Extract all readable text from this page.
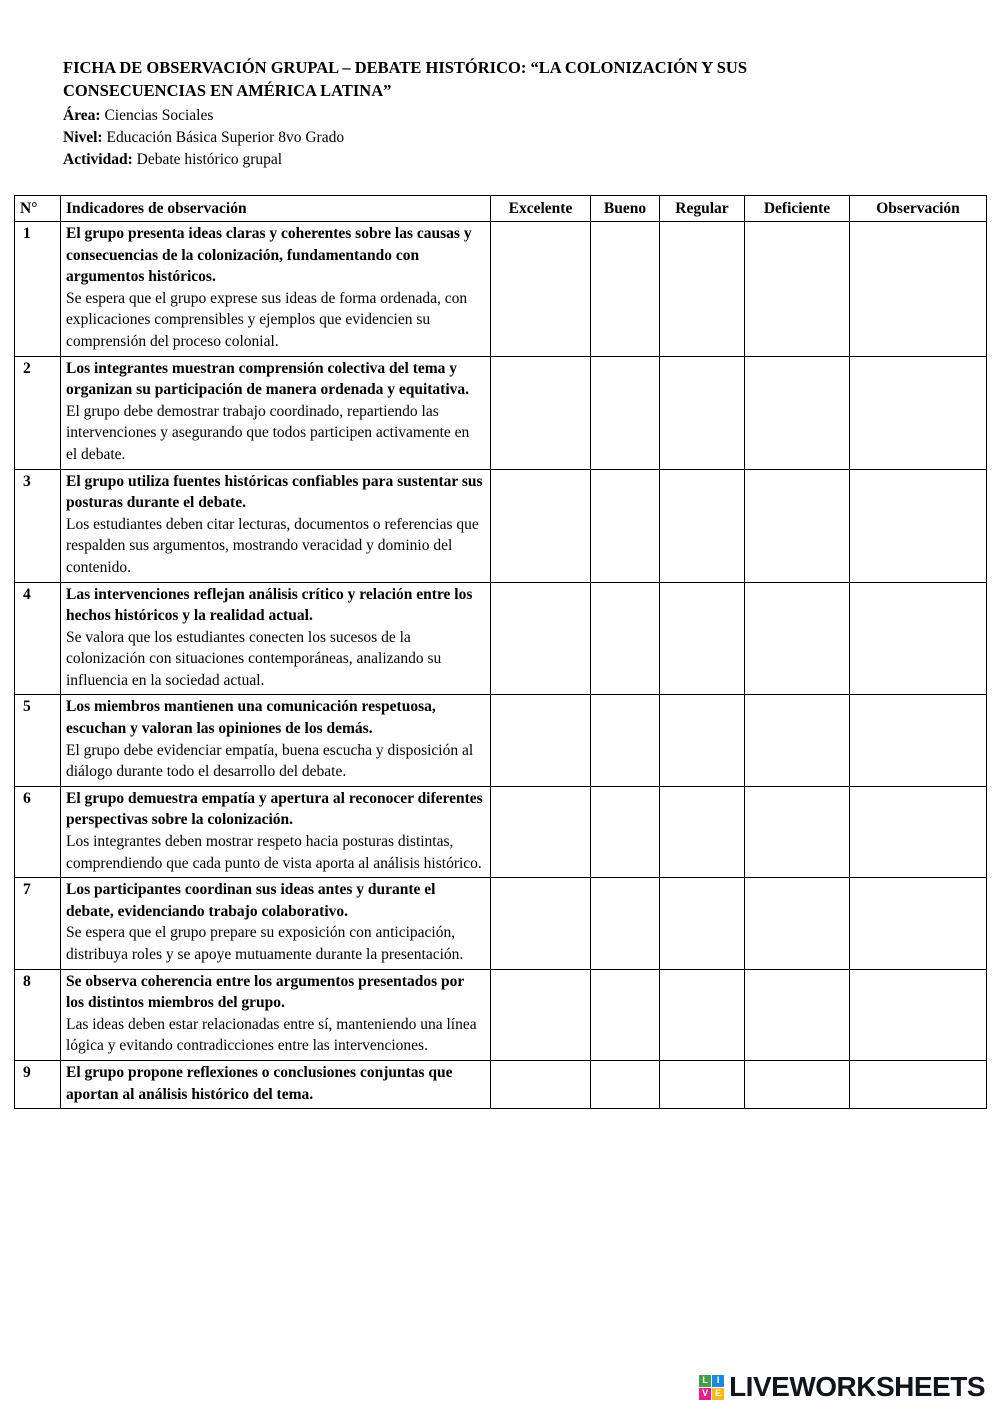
FICHA DE OBSERVACIÓN GRUPAL – DEBATE HISTÓRICO: “LA COLONIZACIÓN Y SUS CONSECUENCIAS EN AMÉRICA LATINA”
Área: Ciencias Sociales
Nivel: Educación Básica Superior 8vo Grado
Actividad: Debate histórico grupal
N°	Indicadores de observación	Excelente	Bueno	Regular	Deficiente	Observación
1	El grupo presenta ideas claras y coherentes sobre las causas y consecuencias de la colonización, fundamentando con argumentos históricos.
Se espera que el grupo exprese sus ideas de forma ordenada, con explicaciones comprensibles y ejemplos que evidencien su comprensión del proceso colonial.					

2	Los integrantes muestran comprensión colectiva del tema y organizan su participación de manera ordenada y equitativa.
El grupo debe demostrar trabajo coordinado, repartiendo las intervenciones y asegurando que todos participen activamente en el debate.					

3	El grupo utiliza fuentes históricas confiables para sustentar sus posturas durante el debate.
Los estudiantes deben citar lecturas, documentos o referencias que respalden sus argumentos, mostrando veracidad y dominio del contenido.					

4	Las intervenciones reflejan análisis crítico y relación entre los hechos históricos y la realidad actual.
Se valora que los estudiantes conecten los sucesos de la colonización con situaciones contemporáneas, analizando su influencia en la sociedad actual.					

5	Los miembros mantienen una comunicación respetuosa, escuchan y valoran las opiniones de los demás.
El grupo debe evidenciar empatía, buena escucha y disposición al diálogo durante todo el desarrollo del debate.					

6	El grupo demuestra empatía y apertura al reconocer diferentes perspectivas sobre la colonización.
Los integrantes deben mostrar respeto hacia posturas distintas, comprendiendo que cada punto de vista aporta al análisis histórico.					

7	Los participantes coordinan sus ideas antes y durante el debate, evidenciando trabajo colaborativo.
Se espera que el grupo prepare su exposición con anticipación, distribuya roles y se apoye mutuamente durante la presentación.					

8	Se observa coherencia entre los argumentos presentados por los distintos miembros del grupo.
Las ideas deben estar relacionadas entre sí, manteniendo una línea lógica y evitando contradicciones entre las intervenciones.					

9	El grupo propone reflexiones o conclusiones conjuntas que aportan al análisis histórico del tema.					

L I
V E LIVEWORKSHEETS
